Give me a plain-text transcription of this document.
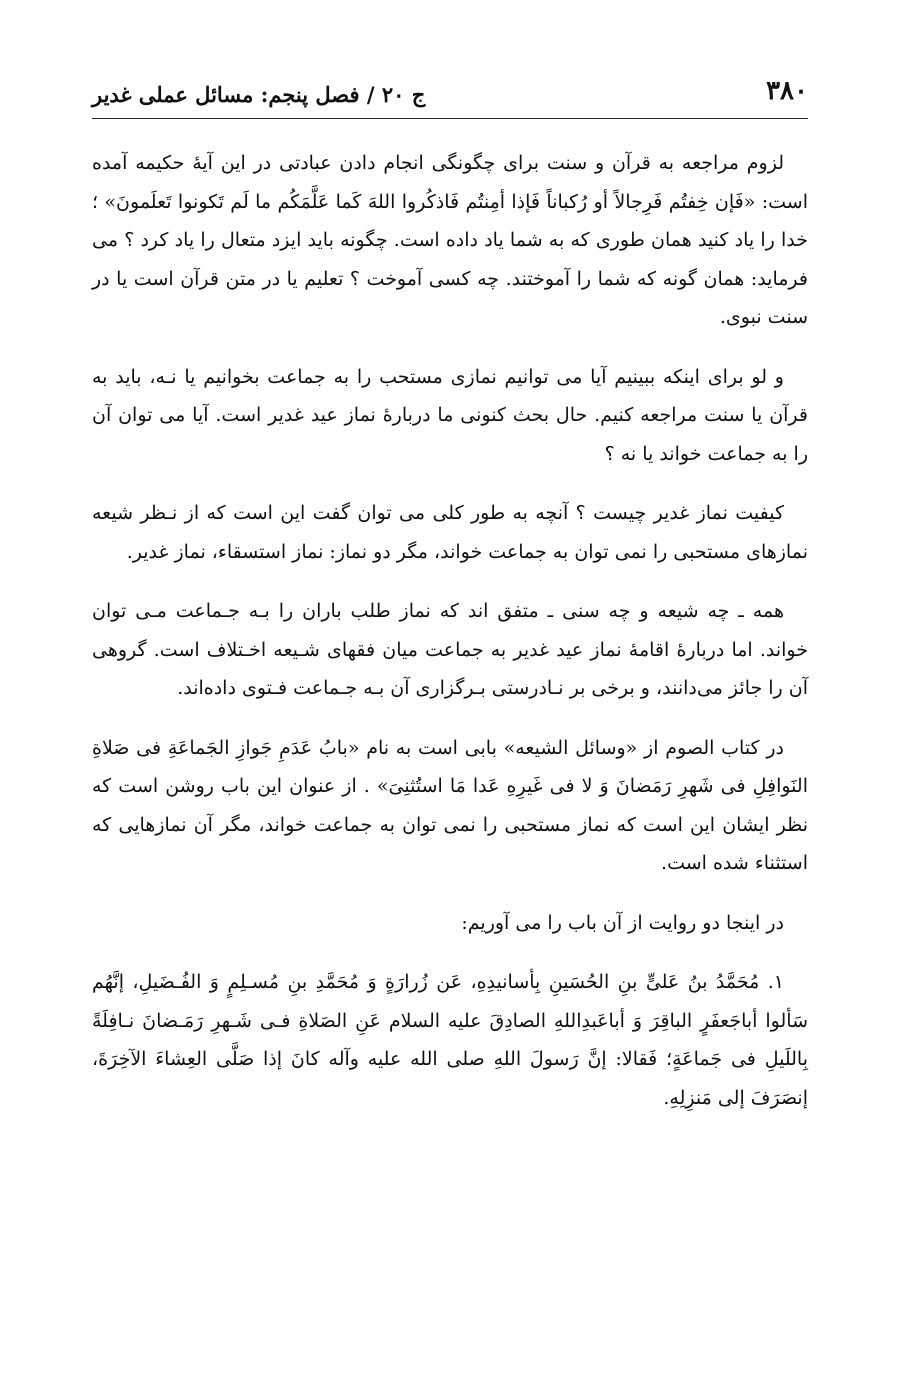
۳۸۰
ج ۲۰ / فصل پنجم: مسائل عملی غدیر

لزوم مراجعه به قرآن و سنت برای چگونگی انجام دادن عبادتی در این آیهٔ حکیمه آمده است: «فَإن خِفتُم فَرِجالاً أو رُکباناً فَإذا أمِنتُم فَاذکُروا اللهَ کَما عَلَّمَکُم ما لَم تَکونوا تَعلَمونَ» ؛ خدا را یاد کنید همان طوری که به شما یاد داده است. چگونه باید ایزد متعال را یاد کرد ؟ می فرماید: همان گونه که شما را آموختند. چه کسی آموخت ؟ تعلیم یا در متن قرآن است یا در سنت نبوی.

و لو برای اینکه ببینیم آیا می توانیم نمازی مستحب را به جماعت بخوانیم یا نـه، باید به قرآن یا سنت مراجعه کنیم. حال بحث کنونی ما دربارهٔ نماز عید غدیر است. آیا می توان آن را به جماعت خواند یا نه ؟

کیفیت نماز غدیر چیست ؟ آنچه به طور کلی می توان گفت این است که از نـظر شیعه نمازهای مستحبی را نمی توان به جماعت خواند، مگر دو نماز: نماز استسقاء، نماز غدیر.

همه ـ چه شیعه و چه سنی ـ متفق اند که نماز طلب باران را بـه جـماعت مـی توان خواند. اما دربارهٔ اقامهٔ نماز عید غدیر به جماعت میان فقهای شـیعه اخـتلاف است. گروهی آن را جائز می‌دانند، و برخی بر نـادرستی بـرگزاری آن بـه جـماعت فـتوی داده‌اند.

در کتاب الصوم از «وسائل الشیعه» بابی است به نام «بابُ عَدَمِ جَوازِ الجَماعَةِ فی صَلاةِ النَوافِلِ فی شَهرِ رَمَضانَ وَ لا فی غَیرِهِ عَدا مَا استُثنِیَ» . از عنوان این باب روشن است که نظر ایشان این است که نماز مستحبی را نمی توان به جماعت خواند، مگر آن نمازهایی که استثناء شده است.

در اینجا دو روایت از آن باب را می آوریم:

۱. مُحَمَّدُ بنُ عَلیٍّ بنِ الحُسَینِ بِأسانیدِهِ، عَن زُرارَةٍ وَ مُحَمَّدِ بنِ مُسـلِمٍ وَ الفُـضَیلِ، إنَّهُم سَألوا أباجَعفَرٍ الباقِرَ وَ أباعَبدِاللهِ الصادِقَ عليه السلام عَنِ الصَلاةِ فـی شَـهرِ رَمَـضانَ نـافِلَةً بِاللَیلِ فی جَماعَةٍ؛ فَقالا: إنَّ رَسولَ اللهِ صلى الله عليه وآله کانَ إذا صَلَّی العِشاءَ الآخِرَةَ، إنصَرَفَ إلی مَنزِلِهِ.
